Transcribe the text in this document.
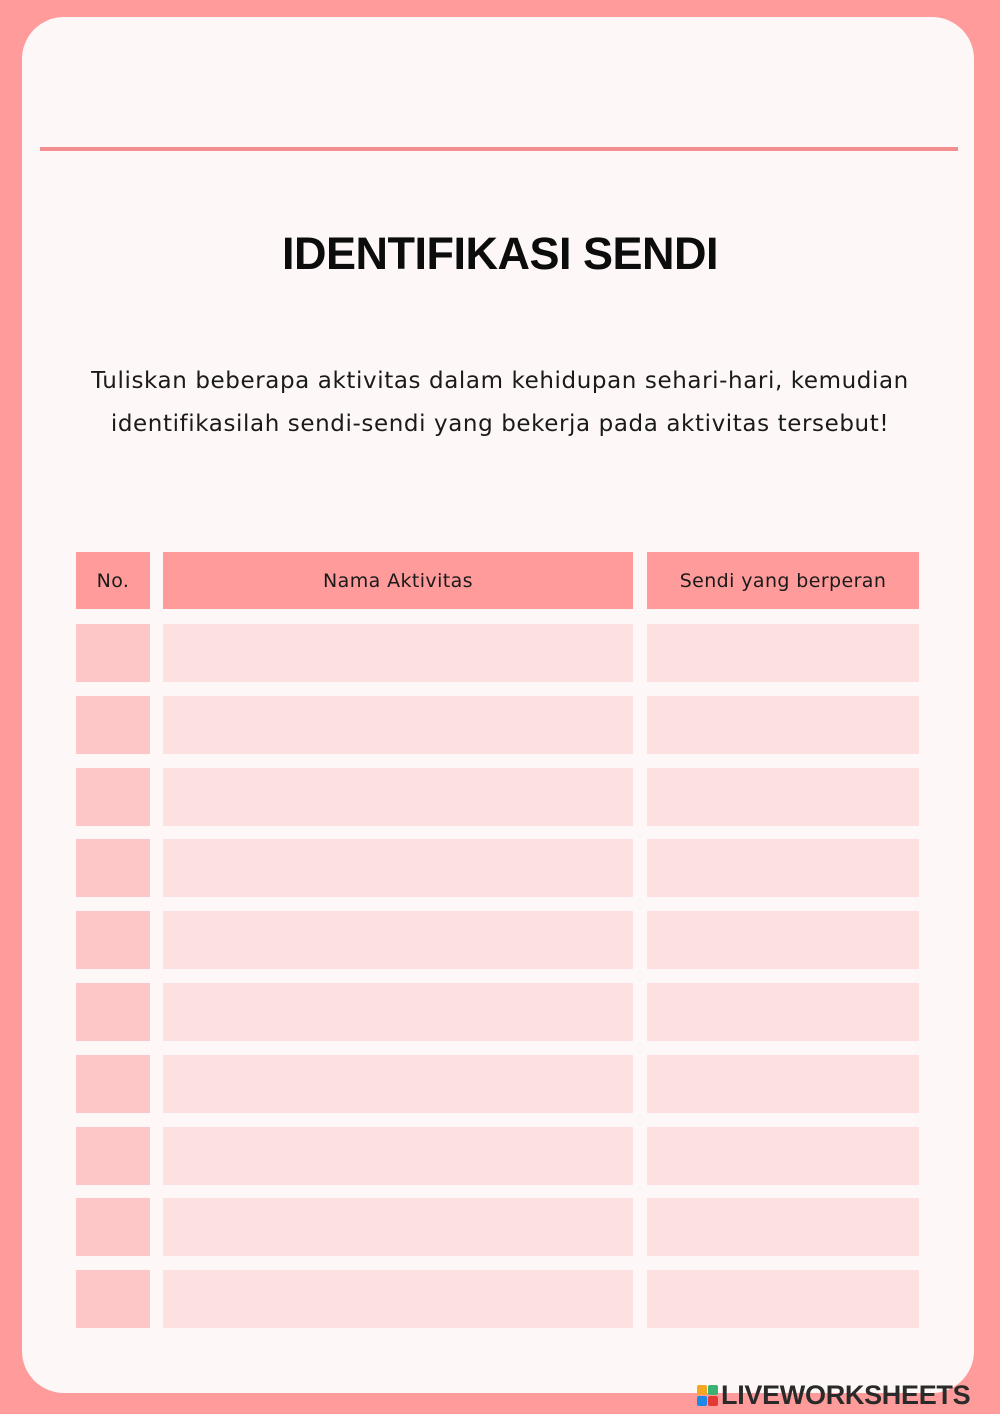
IDENTIFIKASI SENDI
Tuliskan beberapa aktivitas dalam kehidupan sehari-hari, kemudian identifikasilah sendi-sendi yang bekerja pada aktivitas tersebut!
No.	Nama Aktivitas	Sendi yang berperan
LIVEWORKSHEETS
